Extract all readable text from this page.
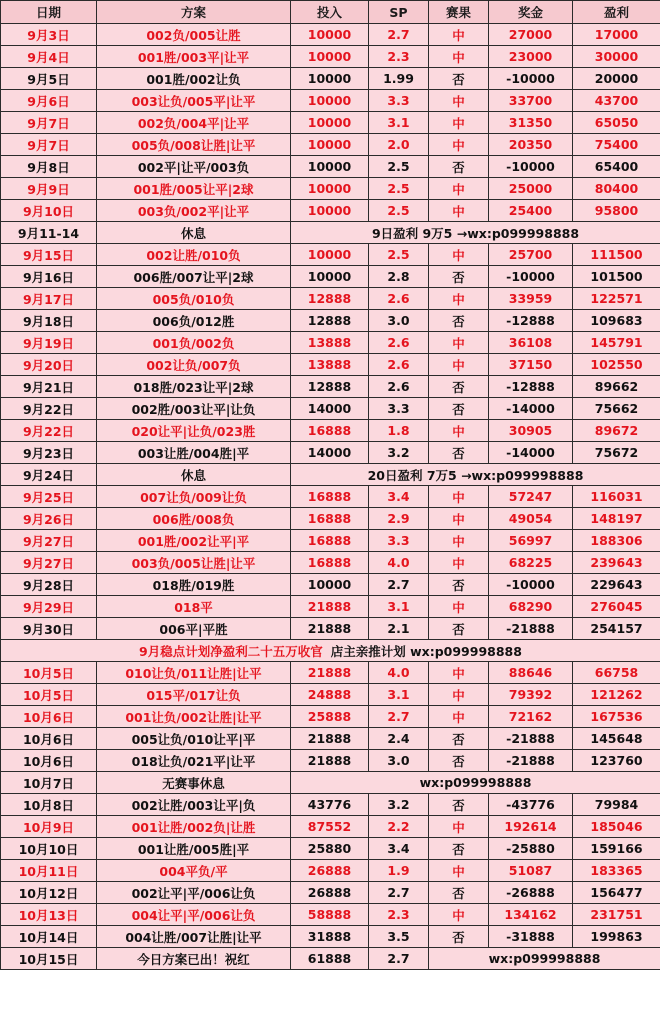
日期	方案	投入	SP	赛果	奖金	盈利
9月3日	002负/005让胜	10000	2.7	中	27000	17000
9月4日	001胜/003平|让平	10000	2.3	中	23000	30000
9月5日	001胜/002让负	10000	1.99	否	-10000	20000
9月6日	003让负/005平|让平	10000	3.3	中	33700	43700
9月7日	002负/004平|让平	10000	3.1	中	31350	65050
9月7日	005负/008让胜|让平	10000	2.0	中	20350	75400
9月8日	002平|让平/003负	10000	2.5	否	-10000	65400
9月9日	001胜/005让平|2球	10000	2.5	中	25000	80400
9月10日	003负/002平|让平	10000	2.5	中	25400	95800
9月11-14	休息	9日盈利 9万5 →wx:p099998888				
9月15日	002让胜/010负	10000	2.5	中	25700	111500
9月16日	006胜/007让平|2球	10000	2.8	否	-10000	101500
9月17日	005负/010负	12888	2.6	中	33959	122571
9月18日	006负/012胜	12888	3.0	否	-12888	109683
9月19日	001负/002负	13888	2.6	中	36108	145791
9月20日	002让负/007负	13888	2.6	中	37150	102550
9月21日	018胜/023让平|2球	12888	2.6	否	-12888	89662
9月22日	002胜/003让平|让负	14000	3.3	否	-14000	75662
9月22日	020让平|让负/023胜	16888	1.8	中	30905	89672
9月23日	003让胜/004胜|平	14000	3.2	否	-14000	75672
9月24日	休息	20日盈利 7万5 →wx:p099998888				
9月25日	007让负/009让负	16888	3.4	中	57247	116031
9月26日	006胜/008负	16888	2.9	中	49054	148197
9月27日	001胜/002让平|平	16888	3.3	中	56997	188306
9月27日	003负/005让胜|让平	16888	4.0	中	68225	239643
9月28日	018胜/019胜	10000	2.7	否	-10000	229643
9月29日	018平	21888	3.1	中	68290	276045
9月30日	006平|平胜	21888	2.1	否	-21888	254157
9月稳点计划净盈利二十五万收官 店主亲推计划 wx:p099998888						
10月5日	010让负/011让胜|让平	21888	4.0	中	88646	66758
10月5日	015平/017让负	24888	3.1	中	79392	121262
10月6日	001让负/002让胜|让平	25888	2.7	中	72162	167536
10月6日	005让负/010让平|平	21888	2.4	否	-21888	145648
10月6日	018让负/021平|让平	21888	3.0	否	-21888	123760
10月7日	无赛事休息	wx:p099998888				
10月8日	002让胜/003让平|负	43776	3.2	否	-43776	79984
10月9日	001让胜/002负|让胜	87552	2.2	中	192614	185046
10月10日	001让胜/005胜|平	25880	3.4	否	-25880	159166
10月11日	004平负/平	26888	1.9	中	51087	183365
10月12日	002让平|平/006让负	26888	2.7	否	-26888	156477
10月13日	004让平|平/006让负	58888	2.3	中	134162	231751
10月14日	004让胜/007让胜|让平	31888	3.5	否	-31888	199863
10月15日	今日方案已出！祝红	61888	2.7	wx:p099998888		
